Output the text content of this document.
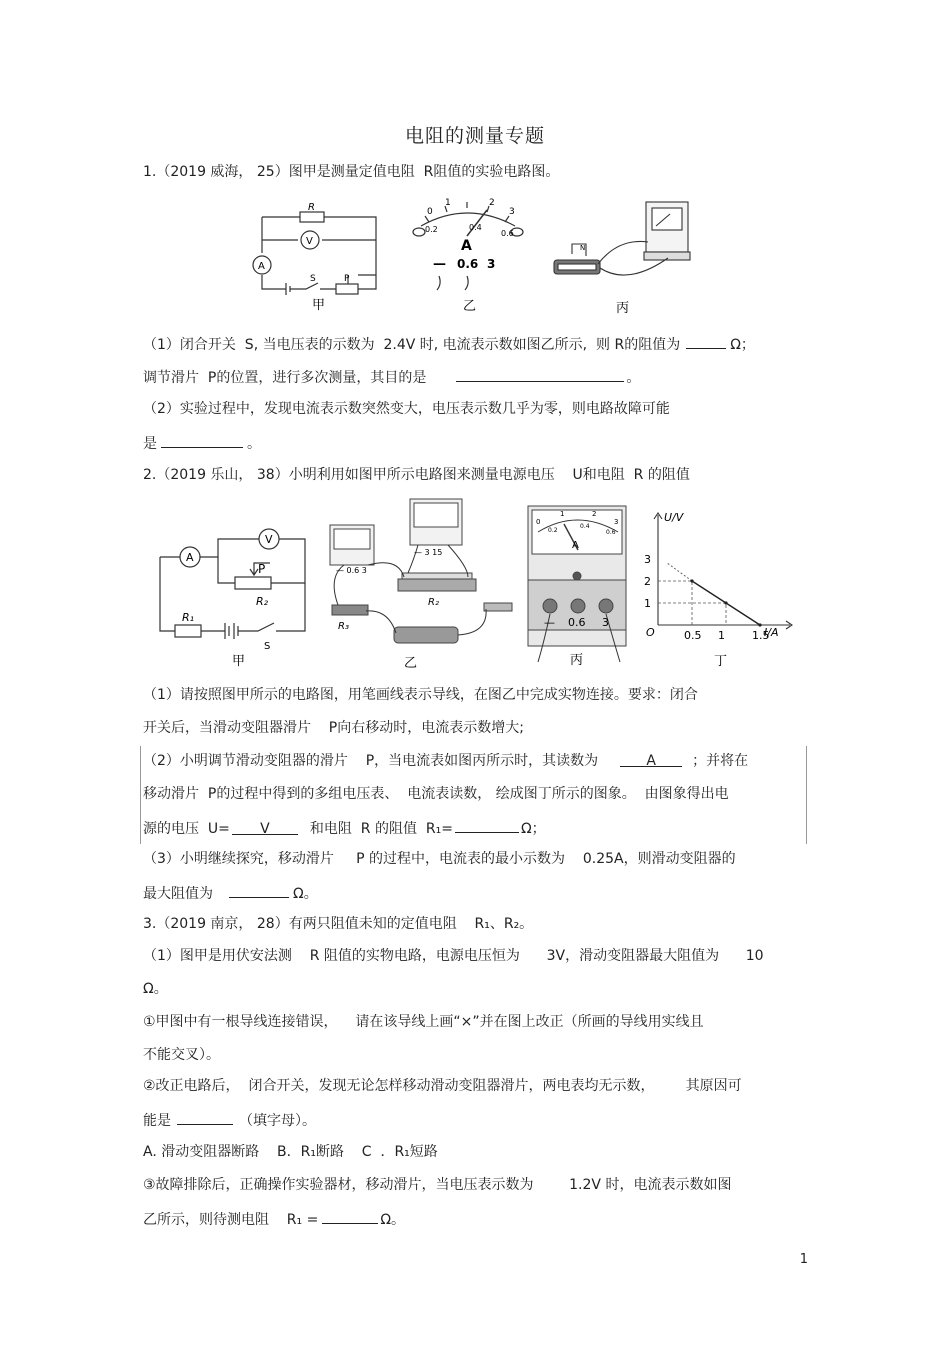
电阻的测量专题
1.（2019 威海， 25）图甲是测量定值电阻  R阻值的实验电路图。
R
V
A
S	P
甲
0
1	2
3
0.2	0.4
0.6
A
— 0.6 3
乙
N
丙
（1）闭合开关  S, 当电压表的示数为  2.4V 时, 电流表示数如图乙所示,  则 R的阻值为	Ω；
调节滑片  P的位置，进行多次测量，其目的是	。
（2）实验过程中，发现电流表示数突然变大，电压表示数几乎为零，则电路故障可能
是	。
2.（2019 乐山， 38）小明利用如图甲所示电路图来测量电源电压    U和电阻  R 的阻值
A
V
P
R₂
R₁
S
甲
— 0.6 3
— 3 15
R₂
R₃
乙
0
1	2
3
0.2
0.4
0.6
A
— 0.6 3
丙
U/V
I/A
O
1
2
3
0.5 1 1.5
丁
（1）请按照图甲所示的电路图，用笔画线表示导线，在图乙中完成实物连接。要求：闭合
开关后，当滑动变阻器滑片    P向右移动时，电流表示数增大;
（2）小明调节滑动变阻器的滑片    P，当电流表如图丙所示时，其读数为	A	；并将在
移动滑片  P的过程中得到的多组电压表、  电流表读数， 绘成图丁所示的图象。  由图象得出电
源的电压  U= V	和电阻  R 的阻值  R₁=	Ω；
（3）小明继续探究，移动滑片     P 的过程中，电流表的最小示数为    0.25A，则滑动变阻器的
最大阻值为	Ω。
3.（2019 南京， 28）有两只阻值未知的定值电阻    R₁、R₂。
（1）图甲是用伏安法测    R 阻值的实物电路，电源电压恒为      3V，滑动变阻器最大阻值为      10
Ω。
①甲图中有一根导线连接错误，    请在该导线上画“×”并在图上改正（所画的导线用实线且
不能交叉）。
②改正电路后，  闭合开关，发现无论怎样移动滑动变阻器滑片，两电表均无示数，       其原因可
能是	（填字母）。
A. 滑动变阻器断路    B．R₁断路    C  ．R₁短路
③故障排除后，正确操作实验器材，移动滑片，当电压表示数为        1.2V 时，电流表示数如图
乙所示，则待测电阻    R₁ =	Ω。
1
